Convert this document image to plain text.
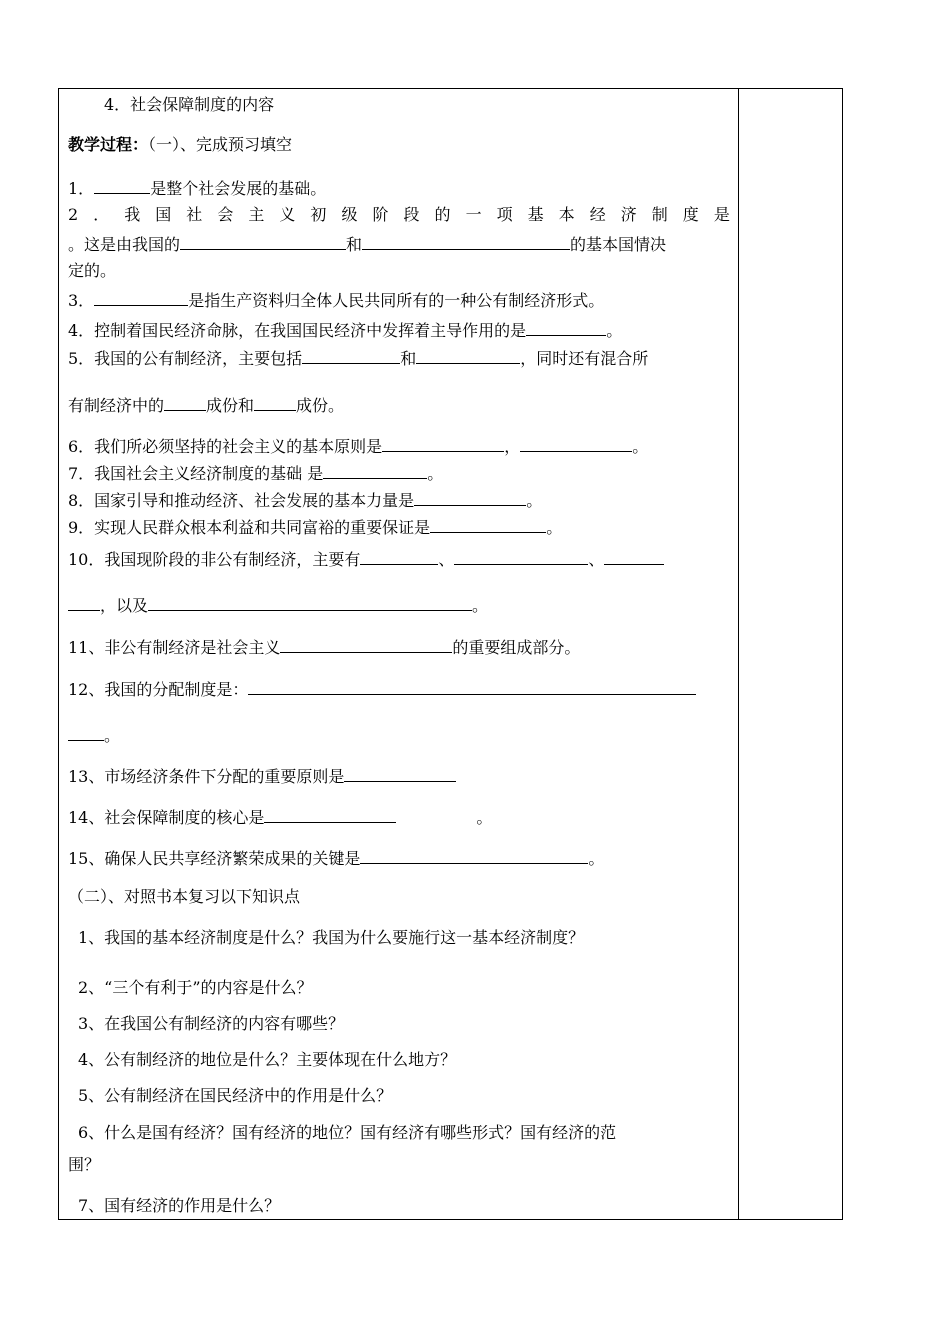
4．社会保障制度的内容
教学过程：（一）、完成预习填空
1．	是整个社会发展的基础。
2 ． 我 国 社 会 主 义 初 级 阶 段 的 一 项 基 本 经 济 制 度 是
。这是由我国的	和	的基本国情决
定的。
3．	是指生产资料归全体人民共同所有的一种公有制经济形式。
4．控制着国民经济命脉，在我国国民经济中发挥着主导作用的是	。
5．我国的公有制经济，主要包括	和	，同时还有混合所
有制经济中的	成份和	成份。
6．我们所必须坚持的社会主义的基本原则是	，	。
7．我国社会主义经济制度的基础 是	。
8．国家引导和推动经济、社会发展的基本力量是	。
9．实现人民群众根本利益和共同富裕的重要保证是	。
10．我国现阶段的非公有制经济，主要有	、	、
，以及	。
11、非公有制经济是社会主义	的重要组成部分。
12、我国的分配制度是：
。
13、市场经济条件下分配的重要原则是
14、社会保障制度的核心是	。
15、确保人民共享经济繁荣成果的关键是	。
（二）、对照书本复习以下知识点
1、我国的基本经济制度是什么？我国为什么要施行这一基本经济制度？
2、“三个有利于”的内容是什么？
3、在我国公有制经济的内容有哪些？
4、公有制经济的地位是什么？主要体现在什么地方？
5、公有制经济在国民经济中的作用是什么？
6、什么是国有经济？国有经济的地位？国有经济有哪些形式？国有经济的范
围？
7、国有经济的作用是什么？
